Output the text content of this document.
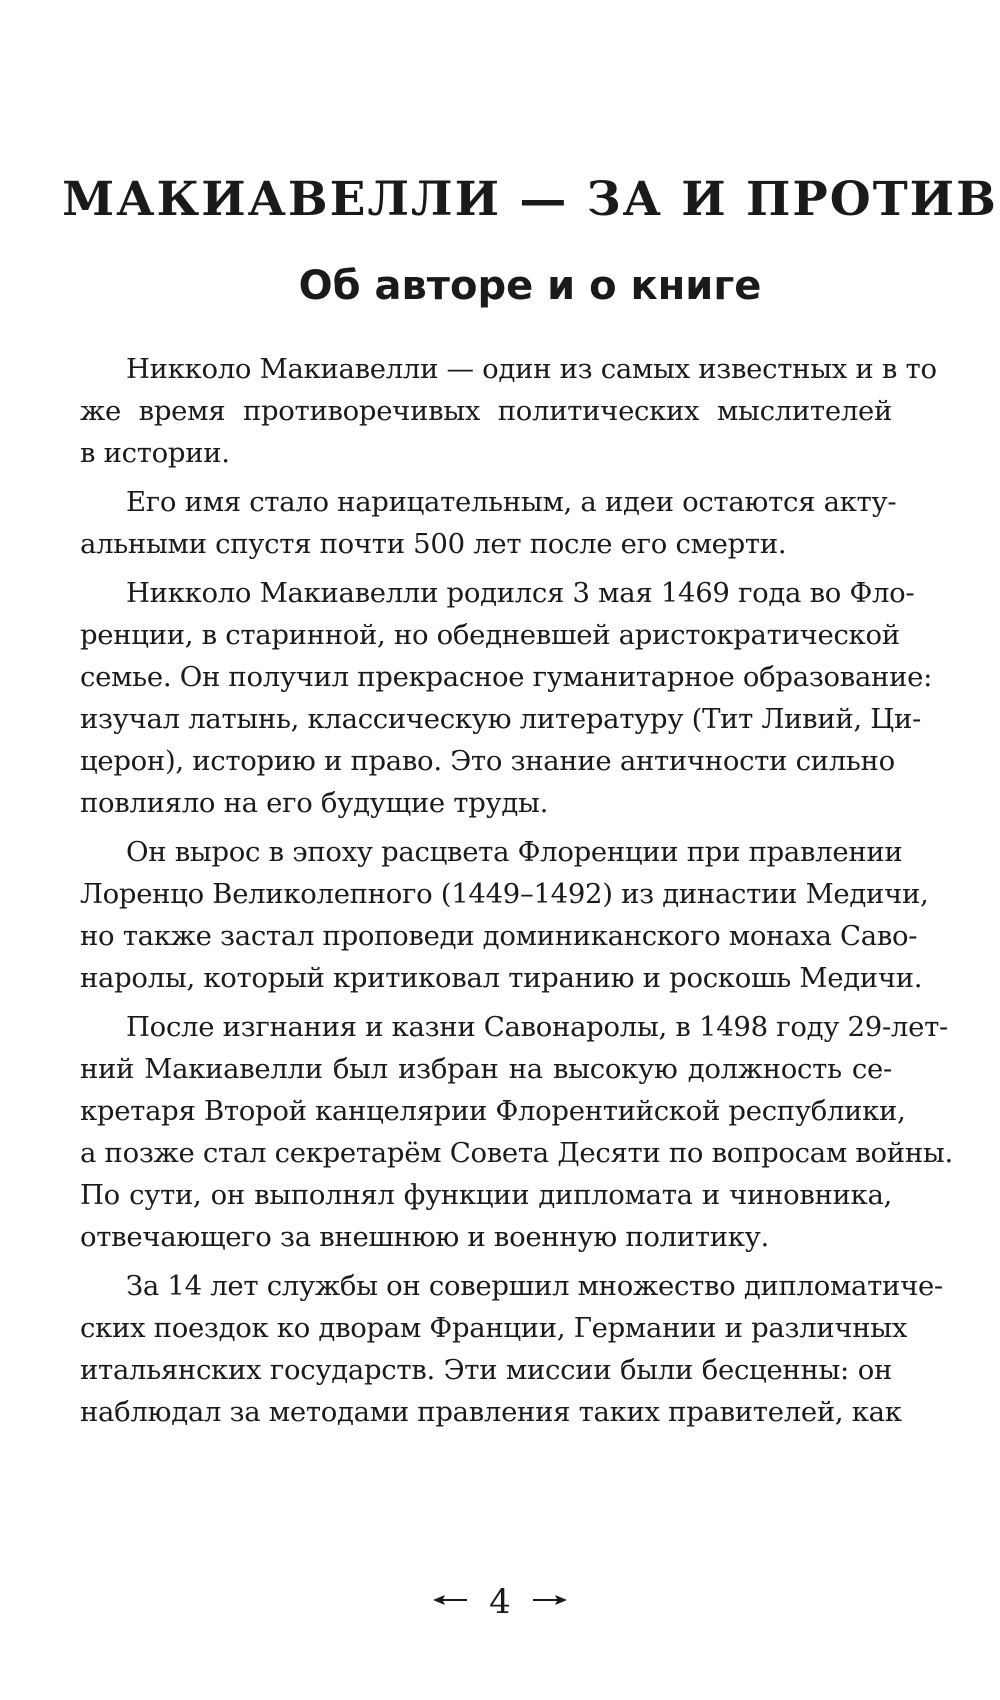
МАКИАВЕЛЛИ — ЗА И ПРОТИВ
Об авторе и о книге

Никколо Макиавелли — один из самых известных и в то
же время противоречивых политических мыслителей
в истории.

Его имя стало нарицательным, а идеи остаются акту-
альными спустя почти 500 лет после его смерти.

Никколо Макиавелли родился 3 мая 1469 года во Фло-
ренции, в старинной, но обедневшей аристократической
семье. Он получил прекрасное гуманитарное образование:
изучал латынь, классическую литературу (Тит Ливий, Ци-
церон), историю и право. Это знание античности сильно
повлияло на его будущие труды.

Он вырос в эпоху расцвета Флоренции при правлении
Лоренцо Великолепного (1449–1492) из династии Медичи,
но также застал проповеди доминиканского монаха Саво-
наролы, который критиковал тиранию и роскошь Медичи.

После изгнания и казни Савонаролы, в 1498 году 29-лет-
ний Макиавелли был избран на высокую должность се-
кретаря Второй канцелярии Флорентийской республики,
а позже стал секретарём Совета Десяти по вопросам войны.
По сути, он выполнял функции дипломата и чиновника,
отвечающего за внешнюю и военную политику.

За 14 лет службы он совершил множество дипломатиче-
ских поездок ко дворам Франции, Германии и различных
итальянских государств. Эти миссии были бесценны: он
наблюдал за методами правления таких правителей, как

4
